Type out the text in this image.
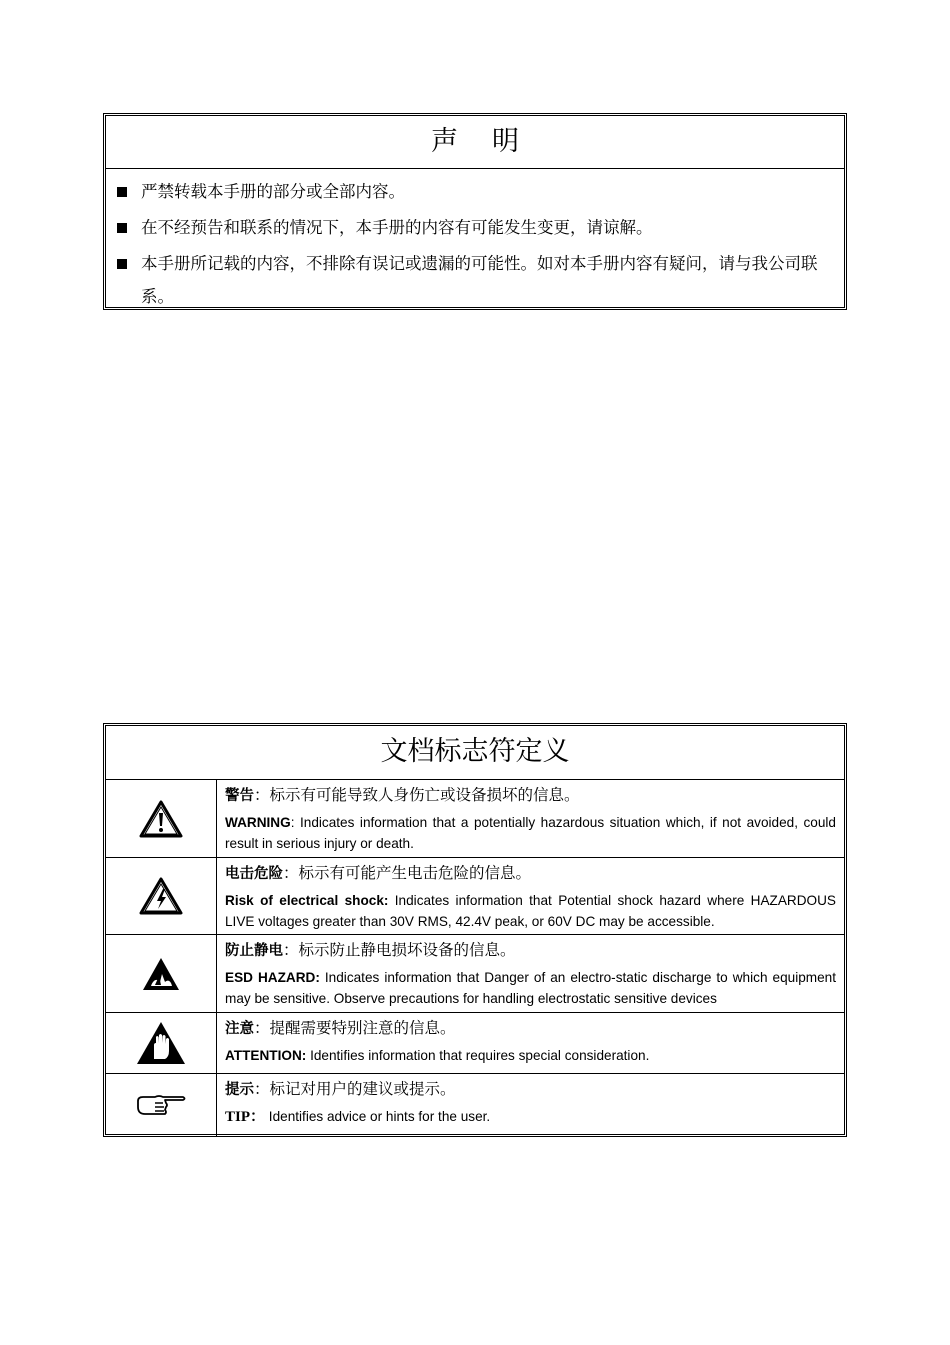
声明
严禁转载本手册的部分或全部内容。
在不经预告和联系的情况下，本手册的内容有可能发生变更，请谅解。
本手册所记载的内容，不排除有误记或遗漏的可能性。如对本手册内容有疑问，请与我公司联系。
文档标志符定义
警告：标示有可能导致人身伤亡或设备损坏的信息。
WARNING: Indicates information that a potentially hazardous situation which, if not avoided, could result in serious injury or death.
电击危险：标示有可能产生电击危险的信息。
Risk of electrical shock: Indicates information that Potential shock hazard where HAZARDOUS LIVE voltages greater than 30V RMS, 42.4V peak, or 60V DC may be accessible.
防止静电：标示防止静电损坏设备的信息。
ESD HAZARD: Indicates information that Danger of an electro-static discharge to which equipment may be sensitive. Observe precautions for handling electrostatic sensitive devices
注意：提醒需要特别注意的信息。
ATTENTION: Identifies information that requires special consideration.
提示：标记对用户的建议或提示。
TIP： Identifies advice or hints for the user.
